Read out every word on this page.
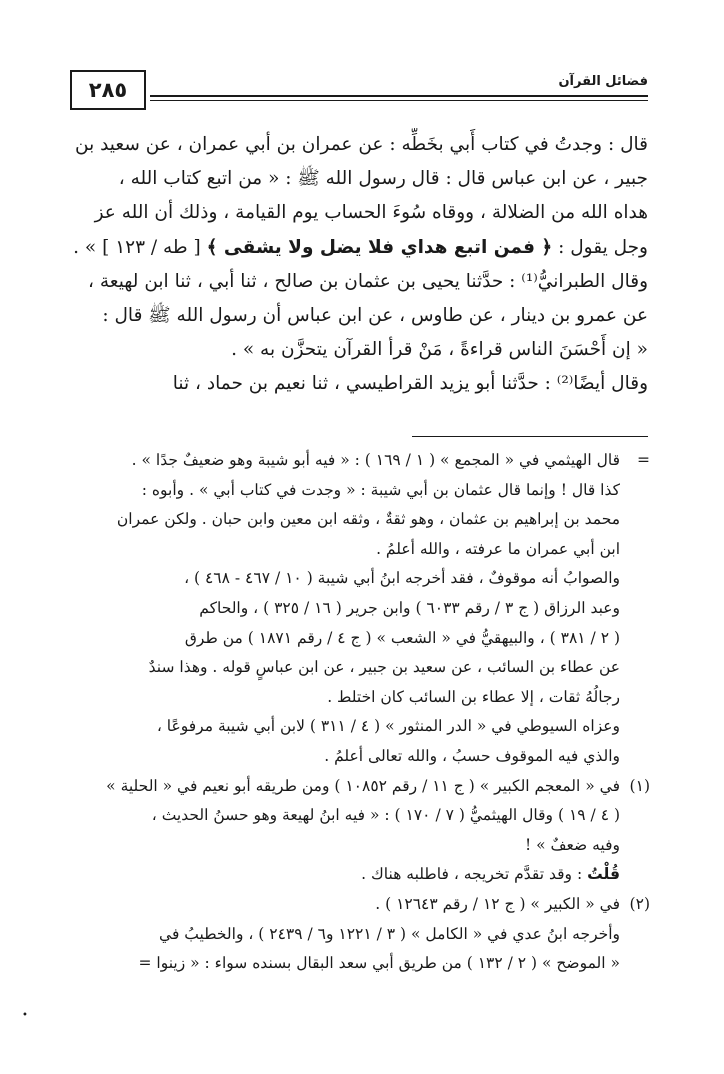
٢٨٥	فضائل القرآن
قال : وجدتُ في كتاب أَبي بخَطِّه : عن عمران بن أبي عمران ، عن سعيد بن
جبير ، عن ابن عباس قال : قال رسول الله ﷺ : « من اتبع كتاب الله ،
هداه الله من الضلالة ، ووقاه سُوءَ الحساب يوم القيامة ، وذلك أن الله عز
وجل يقول : ﴿ فمن اتبع هداي فلا يضل ولا يشقى ﴾ [ طه / ١٢٣ ] » .
وقال الطبرانيُّ⁽¹⁾ : حدَّثنا يحيى بن عثمان بن صالح ، ثنا أبي ، ثنا ابن لهيعة ،
عن عمرو بن دينار ، عن طاوس ، عن ابن عباس أن رسول الله ﷺ قال :
« إن أَحْسَنَ الناس قراءةً ، مَنْ قرأ القرآن يتحزَّن به » .
وقال أيضًا⁽²⁾ : حدَّثنا أبو يزيد القراطيسي ، ثنا نعيم بن حماد ، ثنا
=
قال الهيثمي في « المجمع » ( ١ / ١٦٩ ) : « فيه أبو شيبة وهو ضعيفٌ جدًا » .
كذا قال ! وإنما قال عثمان بن أبي شيبة : « وجدت في كتاب أبي » . وأبوه :
محمد بن إبراهيم بن عثمان ، وهو ثقةٌ ، وثقه ابن معين وابن حبان . ولكن عمران
ابن أبي عمران ما عرفته ، والله أعلمُ .
والصوابُ أنه موقوفٌ ، فقد أخرجه ابنُ أبي شيبة ( ١٠ / ٤٦٧ - ٤٦٨ ) ،
وعبد الرزاق ( ج ٣ / رقم ٦٠٣٣ ) وابن جرير ( ١٦ / ٣٢٥ ) ، والحاكم
( ٢ / ٣٨١ ) ، والبيهقيُّ في « الشعب » ( ج ٤ / رقم ١٨٧١ ) من طرق
عن عطاء بن السائب ، عن سعيد بن جبير ، عن ابن عباسٍ قوله . وهذا سندٌ
رجالُهُ ثقات ، إلا عطاء بن السائب كان اختلط .
وعزاه السيوطي في « الدر المنثور » ( ٤ / ٣١١ ) لابن أبي شيبة مرفوعًا ،
والذي فيه الموقوف حسبُ ، والله تعالى أعلمُ .
(١)
في « المعجم الكبير » ( ج ١١ / رقم ١٠٨٥٢ ) ومن طريقه أبو نعيم في « الحلية »
( ٤ / ١٩ ) وقال الهيثميُّ ( ٧ / ١٧٠ ) : « فيه ابنُ لهيعة وهو حسنُ الحديث ،
وفيه ضعفٌ » !
قُلْتُ : وقد تقدَّم تخريجه ، فاطلبه هناك .
(٢)
في « الكبير » ( ج ١٢ / رقم ١٢٦٤٣ ) .
وأخرجه ابنُ عدي في « الكامل » ( ٣ / ١٢٢١ و٦ / ٢٤٣٩ ) ، والخطيبُ في
« الموضح » ( ٢ / ١٣٢ ) من طريق أبي سعد البقال بسنده سواء : « زينوا =
•
